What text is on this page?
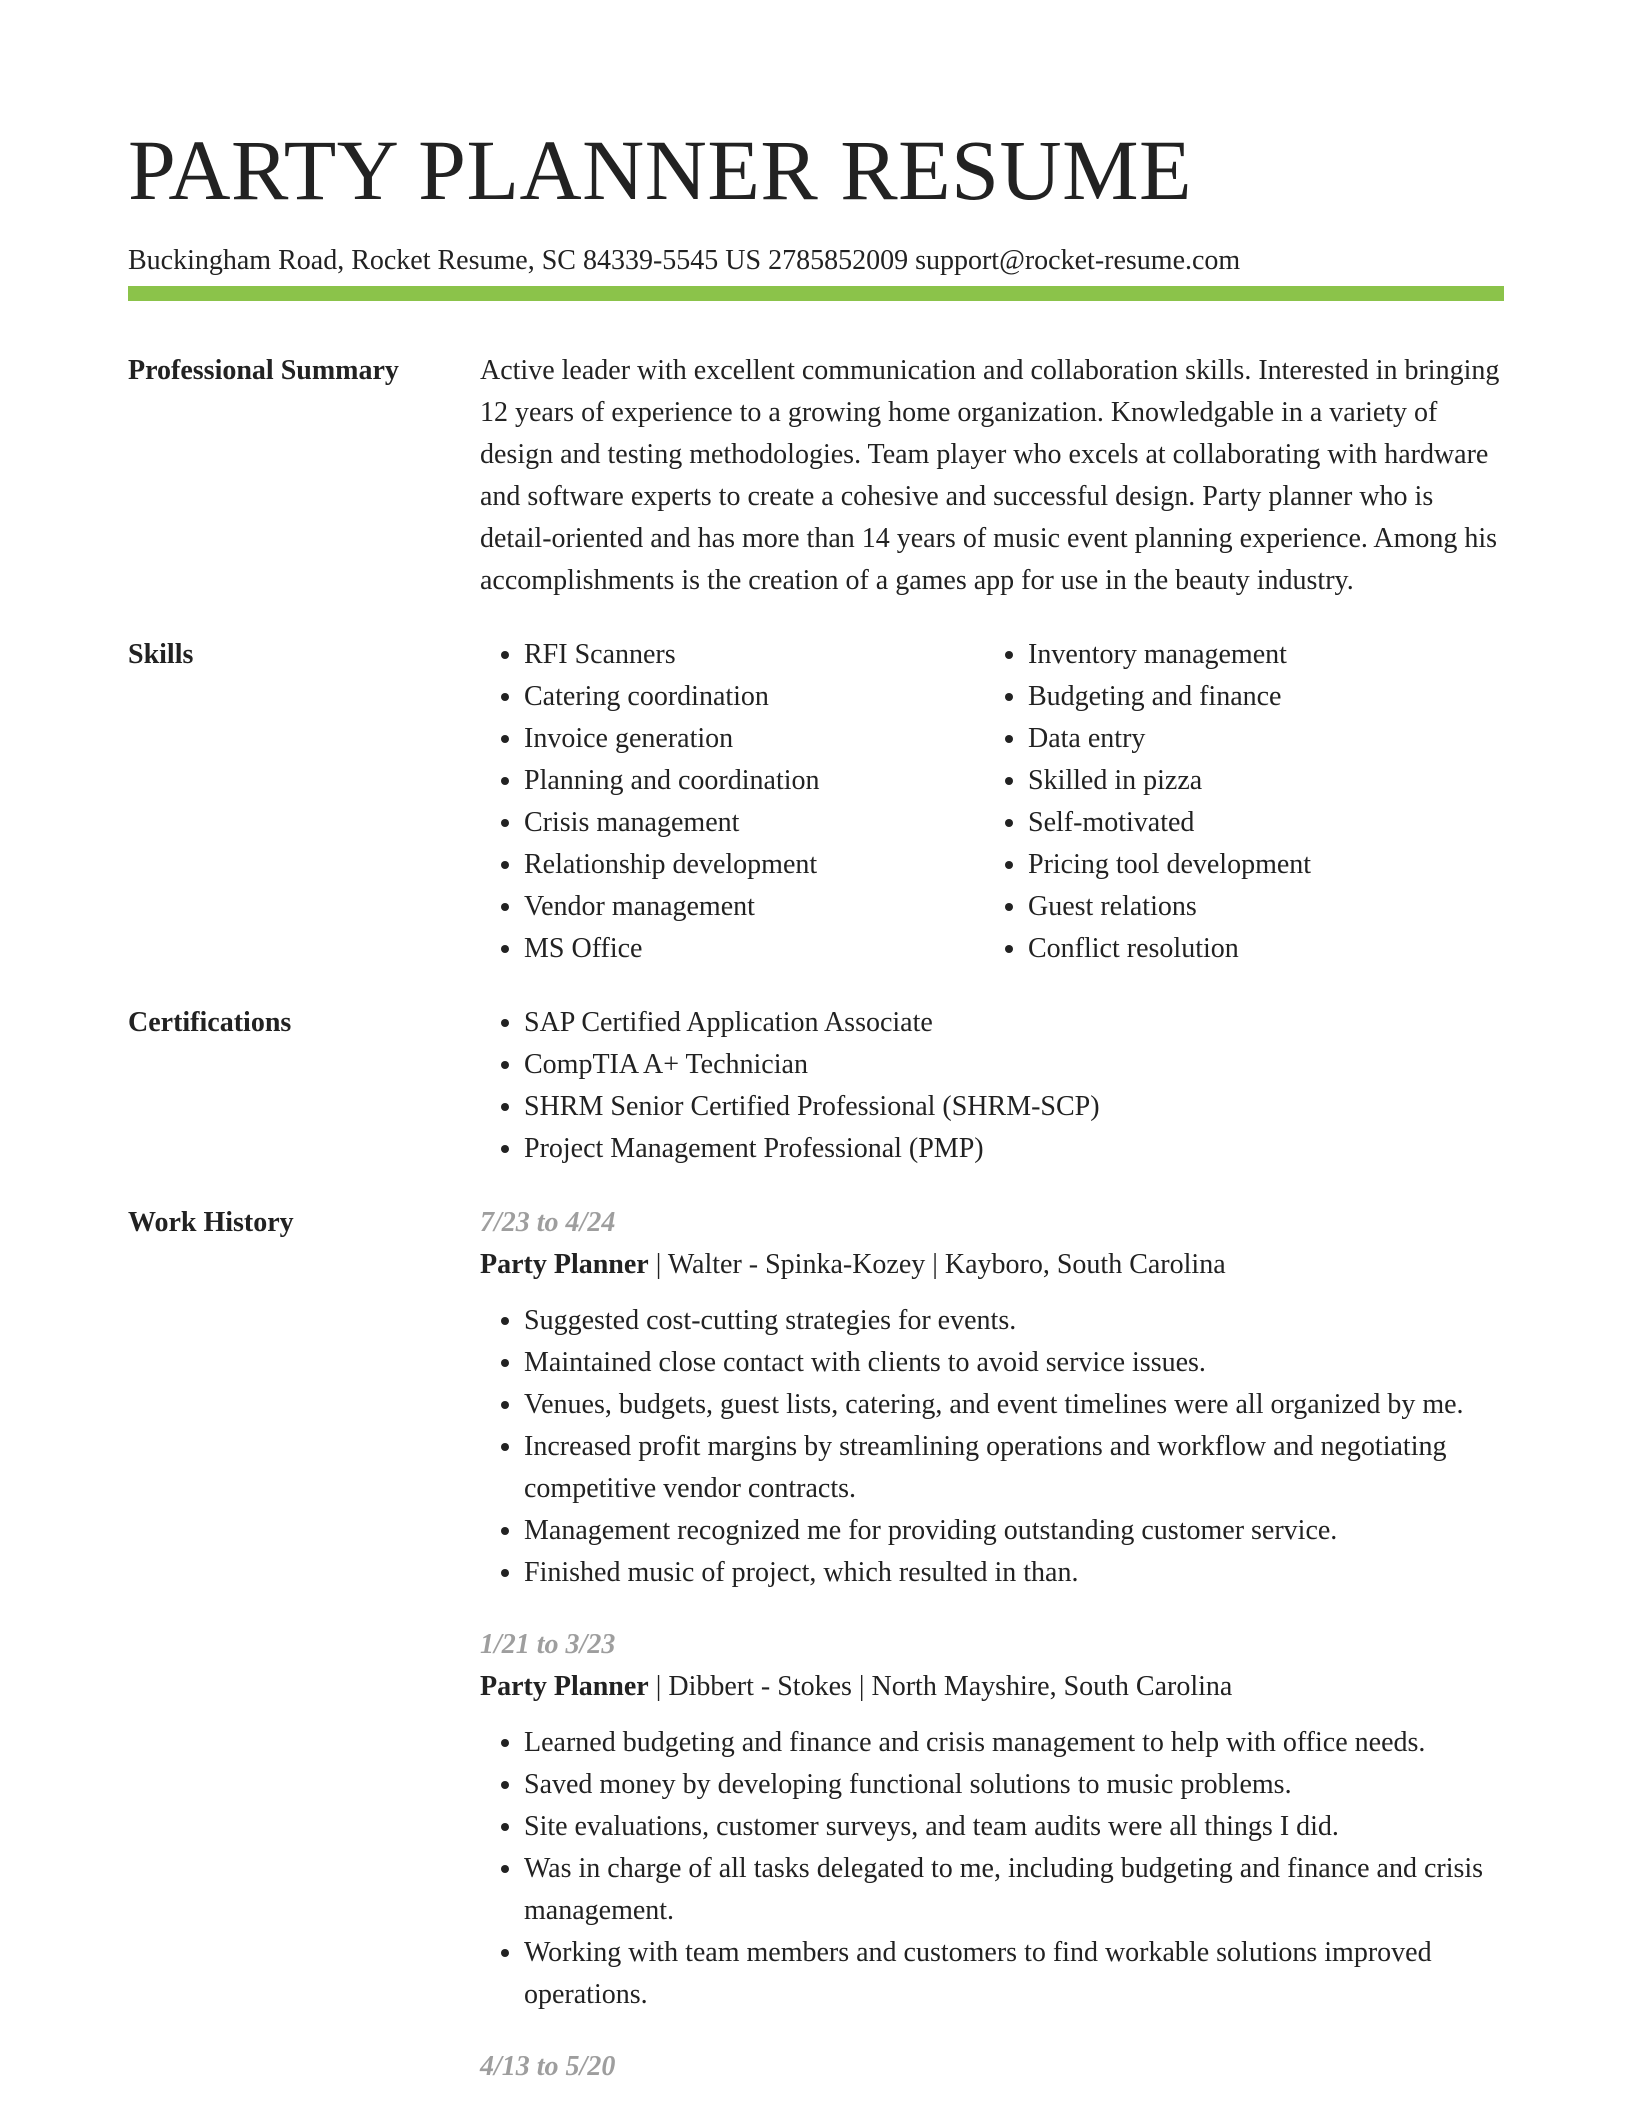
PARTY PLANNER RESUME
Buckingham Road, Rocket Resume, SC 84339-5545 US 2785852009 support@rocket-resume.com
Professional Summary	Active leader with excellent communication and collaboration skills. Interested in bringing 12 years of experience to a growing home organization. Knowledgable in a variety of design and testing methodologies. Team player who excels at collaborating with hardware and software experts to create a cohesive and successful design. Party planner who is detail-oriented and has more than 14 years of music event planning experience. Among his accomplishments is the creation of a games app for use in the beauty industry.

Skills	• RFI Scanners
• Catering coordination
• Invoice generation
• Planning and coordination
• Crisis management
• Relationship development
• Vendor management
• MS Office
• Inventory management
• Budgeting and finance
• Data entry
• Skilled in pizza
• Self-motivated
• Pricing tool development
• Guest relations
• Conflict resolution
Certifications	• SAP Certified Application Associate
• CompTIA A+ Technician
• SHRM Senior Certified Professional (SHRM-SCP)
• Project Management Professional (PMP)
Work History	7/23 to 4/24
Party Planner | Walter - Spinka-Kozey | Kayboro, South Carolina
• Suggested cost-cutting strategies for events.
• Maintained close contact with clients to avoid service issues.
• Venues, budgets, guest lists, catering, and event timelines were all organized by me.
• Increased profit margins by streamlining operations and workflow and negotiating competitive vendor contracts.
• Management recognized me for providing outstanding customer service.
• Finished music of project, which resulted in than.
1/21 to 3/23
Party Planner | Dibbert - Stokes | North Mayshire, South Carolina
• Learned budgeting and finance and crisis management to help with office needs.
• Saved money by developing functional solutions to music problems.
• Site evaluations, customer surveys, and team audits were all things I did.
• Was in charge of all tasks delegated to me, including budgeting and finance and crisis management.
• Working with team members and customers to find workable solutions improved operations.
4/13 to 5/20
